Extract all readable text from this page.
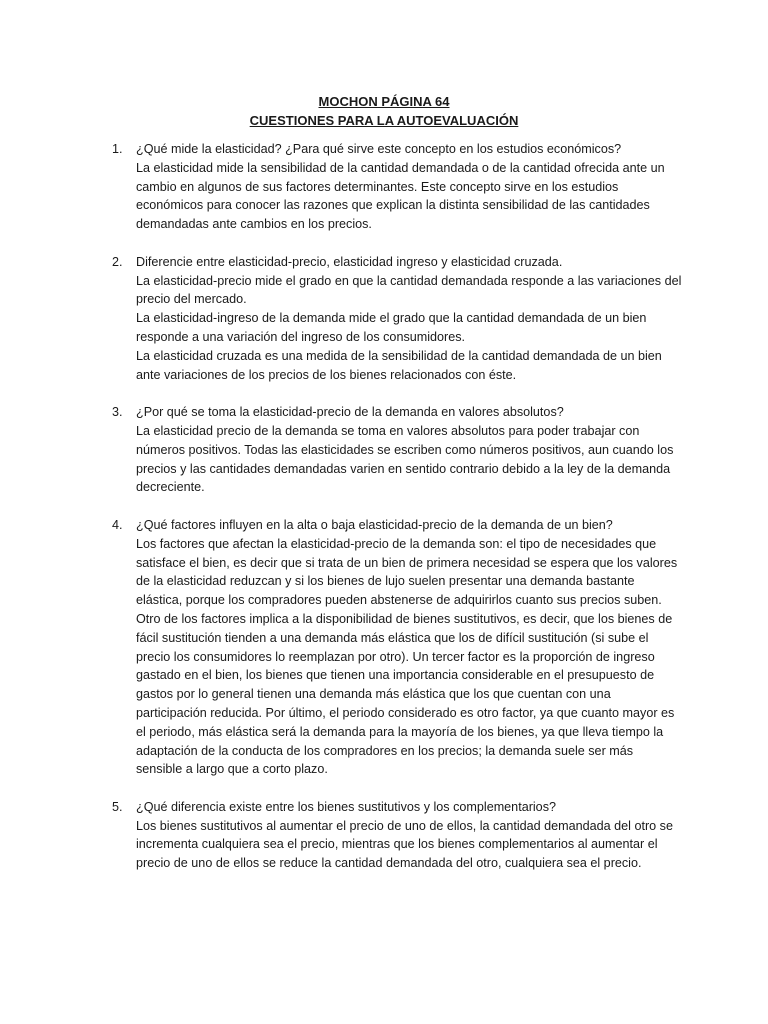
MOCHON PÁGINA 64
CUESTIONES PARA LA AUTOEVALUACIÓN
1.	¿Qué mide la elasticidad? ¿Para qué sirve este concepto en los estudios económicos?

La elasticidad mide la sensibilidad de la cantidad demandada o de la cantidad ofrecida ante un cambio en algunos de sus factores determinantes. Este concepto sirve en los estudios económicos para conocer las razones que explican la distinta sensibilidad de las cantidades demandadas ante cambios en los precios.

2.	Diferencie entre elasticidad-precio, elasticidad ingreso y elasticidad cruzada.

La elasticidad-precio mide el grado en que la cantidad demandada responde a las variaciones del precio del mercado.

La elasticidad-ingreso de la demanda mide el grado que la cantidad demandada de un bien responde a una variación del ingreso de los consumidores.

La elasticidad cruzada es una medida de la sensibilidad de la cantidad demandada de un bien ante variaciones de los precios de los bienes relacionados con éste.

3.	¿Por qué se toma la elasticidad-precio de la demanda en valores absolutos?

La elasticidad precio de la demanda se toma en valores absolutos para poder trabajar con números positivos. Todas las elasticidades se escriben como números positivos, aun cuando los precios y las cantidades demandadas varien en sentido contrario debido a la ley de la demanda decreciente.

4.	¿Qué factores influyen en la alta o baja elasticidad-precio de la demanda de un bien?

Los factores que afectan la elasticidad-precio de la demanda son: el tipo de necesidades que satisface el bien, es decir que si trata de un bien de primera necesidad se espera que los valores de la elasticidad reduzcan y si los bienes de lujo suelen presentar una demanda bastante elástica, porque los compradores pueden abstenerse de adquirirlos cuanto sus precios suben.

Otro de los factores implica a la disponibilidad de bienes sustitutivos, es decir, que los bienes de fácil sustitución tienden a una demanda más elástica que los de difícil sustitución (si sube el precio los consumidores lo reemplazan por otro). Un tercer factor es la proporción de ingreso gastado en el bien, los bienes que tienen una importancia considerable en el presupuesto de gastos por lo general tienen una demanda más elástica que los que cuentan con una participación reducida. Por último, el periodo considerado es otro factor, ya que cuanto mayor es el periodo, más elástica será la demanda para la mayoría de los bienes, ya que lleva tiempo la adaptación de la conducta de los compradores en los precios; la demanda suele ser más sensible a largo que a corto plazo.

5.	¿Qué diferencia existe entre los bienes sustitutivos y los complementarios?

Los bienes sustitutivos al aumentar el precio de uno de ellos, la cantidad demandada del otro se incrementa cualquiera sea el precio, mientras que los bienes complementarios al aumentar el precio de uno de ellos se reduce la cantidad demandada del otro, cualquiera sea el precio.
